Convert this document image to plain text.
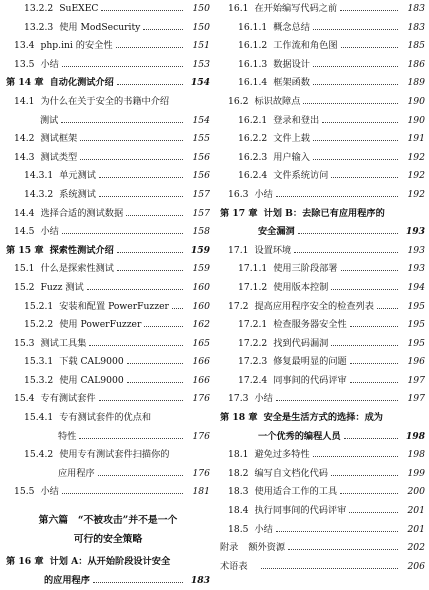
13.2.2 SuEXEC	150
13.2.3 使用 ModSecurity	150
13.4 php.ini 的安全性	151
13.5 小结	153
第 14 章 自动化测试介绍	154
14.1 为什么在关于安全的书籍中介绍
测试	154
14.2 测试框架	155
14.3 测试类型	156
14.3.1 单元测试	156
14.3.2 系统测试	157
14.4 选择合适的测试数据	157
14.5 小结	158
第 15 章 探索性测试介绍	159
15.1 什么是探索性测试	159
15.2 Fuzz 测试	160
15.2.1 安装和配置 PowerFuzzer	160
15.2.2 使用 PowerFuzzer	162
15.3 测试工具集	165
15.3.1 下载 CAL9000	166
15.3.2 使用 CAL9000	166
15.4 专有测试套件	176
15.4.1 专有测试套件的优点和
特性	176
15.4.2 使用专有测试套件扫描你的
应用程序	176
15.5 小结	181
第六篇　“不被攻击”并不是一个
可行的安全策略
第 16 章 计划 A：从开始阶段设计安全
的应用程序	183
16.1 在开始编写代码之前	183
16.1.1 概念总结	183
16.1.2 工作流和角色图	185
16.1.3 数据设计	186
16.1.4 框架函数	189
16.2 标识故障点	190
16.2.1 登录和登出	190
16.2.2 文件上载	191
16.2.3 用户输入	192
16.2.4 文件系统访问	192
16.3 小结	192
第 17 章 计划 B：去除已有应用程序的
安全漏洞	193
17.1 设置环境	193
17.1.1 使用三阶段部署	193
17.1.2 使用版本控制	194
17.2 提高应用程序安全的检查列表	195
17.2.1 检查服务器安全性	195
17.2.2 找到代码漏洞	195
17.2.3 修复最明显的问题	196
17.2.4 同事间的代码评审	197
17.3 小结	197
第 18 章 安全是生活方式的选择：成为
一个优秀的编程人员	198
18.1 避免过多特性	198
18.2 编写自文档化代码	199
18.3 使用适合工作的工具	200
18.4 执行同事间的代码评审	201
18.5 小结	201
附录 额外资源	202
术语表	206
